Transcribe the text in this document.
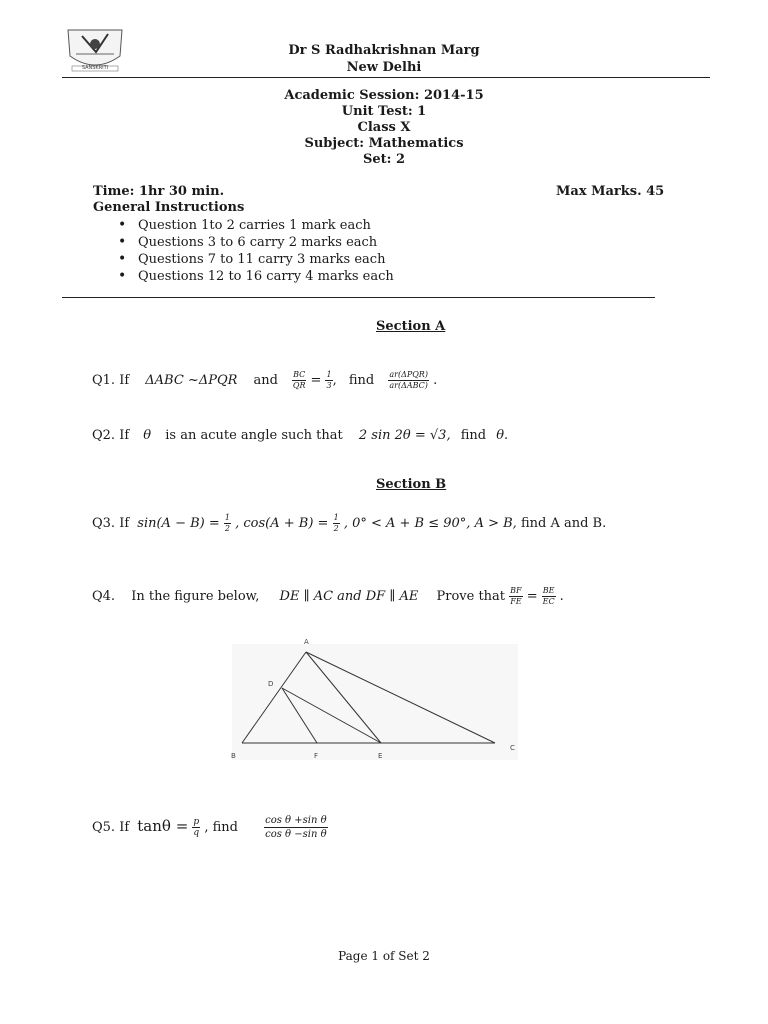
SANSKRITI
Dr S Radhakrishnan Marg
New Delhi
Academic Session: 2014-15
Unit Test: 1
Class X
Subject: Mathematics
Set: 2
Time: 1hr 30 min.	Max Marks. 45
General Instructions
• Question 1to 2 carries 1 mark each
• Questions 3 to 6 carry 2 marks each
• Questions 7 to 11 carry 3 marks each
• Questions 12 to 16 carry 4 marks each
Section A
Q1. If ΔABC ~ΔPQR and $\frac{BC}{QR} = \frac{1}{3}$ , find $\frac{\text{ar(ΔPQR)}}{\text{ar(ΔABC)}}$ .
Q2. If θ is an acute angle such that 2 sin 2θ = √3, find θ.
Section B
Q3. If $\sin(A - B) = \frac{1}{2}$ , $\cos(A + B) = \frac{1}{2}$ , 0° < A + B ≤ 90°, A > B, find A and B.
Q4. In the figure below, DE ∥ AC and DF ∥ AE Prove that $\frac{BF}{FE} = \frac{BE}{EC}$ .
A
D
B	F	E
C
Q5. If $\tan\theta = \frac{p}{q}$ , find	$\frac{\text{cos θ +sin θ}}{\text{cos θ −sin θ}}$
Page 1 of Set 2
